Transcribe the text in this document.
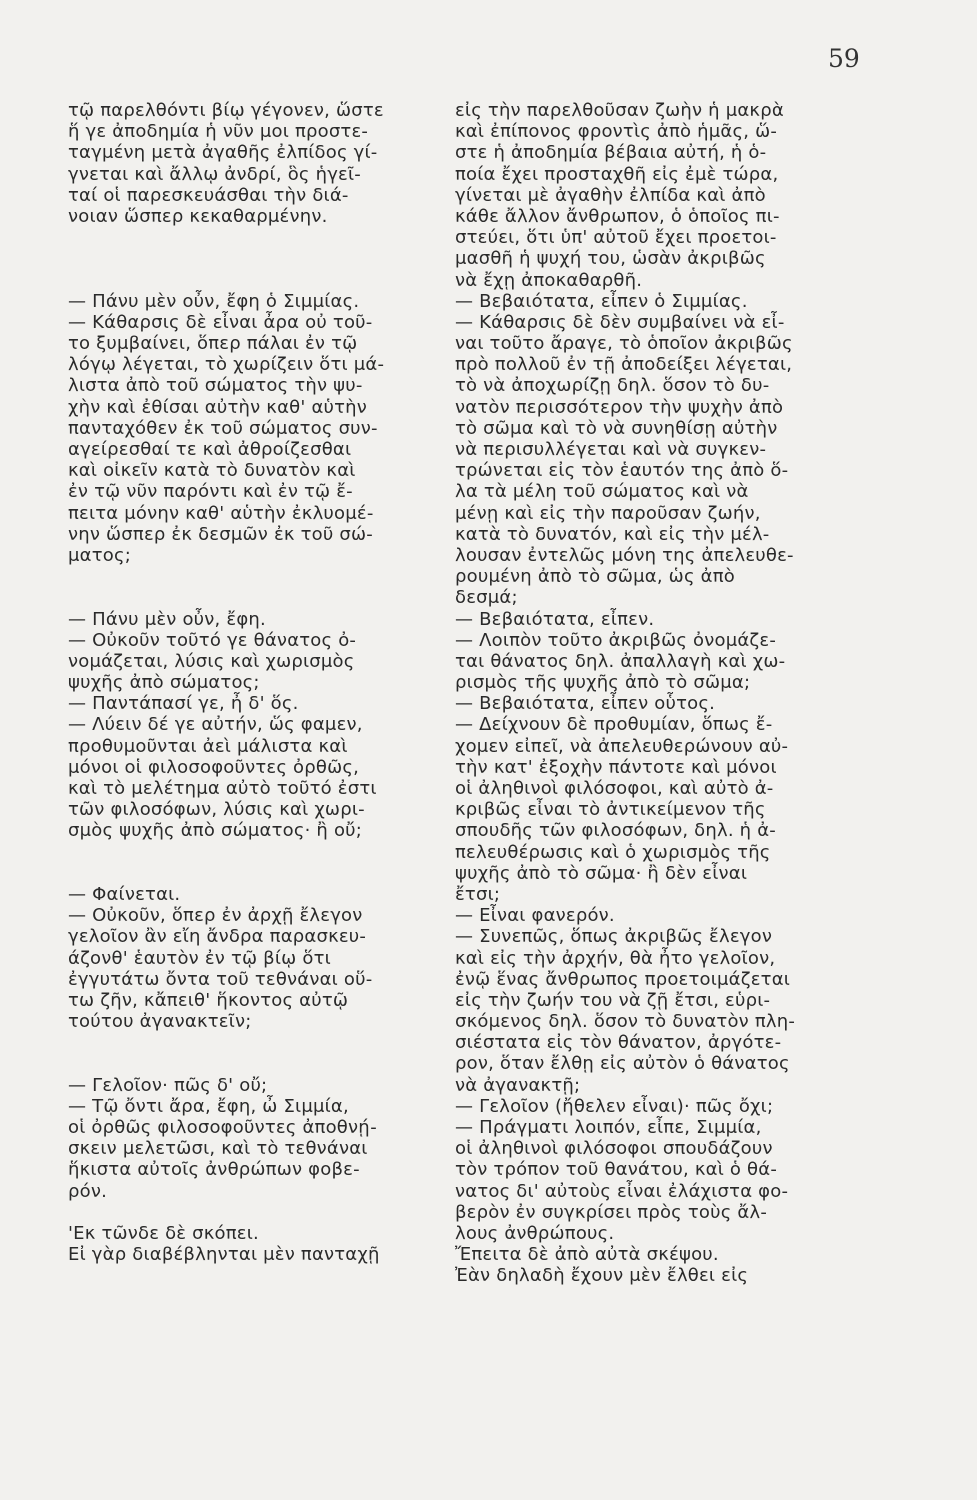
59
τῷ παρελθόντι βίῳ γέγονεν, ὥστε
ἥ γε ἀποδημία ἡ νῦν μοι προστε-
ταγμένη μετὰ ἀγαθῆς ἐλπίδος γί-
γνεται καὶ ἄλλῳ ἀνδρί, ὃς ἡγεῖ-
ταί οἱ παρεσκευάσθαι τὴν διά-
νοιαν ὥσπερ κεκαθαρμένην.
— Πάνυ μὲν οὖν, ἔφη ὁ Σιμμίας.
— Κάθαρσις δὲ εἶναι ἆρα οὐ τοῦ-
το ξυμβαίνει, ὅπερ πάλαι ἐν τῷ
λόγῳ λέγεται, τὸ χωρίζειν ὅτι μά-
λιστα ἀπὸ τοῦ σώματος τὴν ψυ-
χὴν καὶ ἐθίσαι αὐτὴν καθ' αὑτὴν
πανταχόθεν ἐκ τοῦ σώματος συν-
αγείρεσθαί τε καὶ ἀθροίζεσθαι
καὶ οἰκεῖν κατὰ τὸ δυνατὸν καὶ
ἐν τῷ νῦν παρόντι καὶ ἐν τῷ ἔ-
πειτα μόνην καθ' αὑτὴν ἐκλυομέ-
νην ὥσπερ ἐκ δεσμῶν ἐκ τοῦ σώ-
ματος;
— Πάνυ μὲν οὖν, ἔφη.
— Οὐκοῦν τοῦτό γε θάνατος ὀ-
νομάζεται, λύσις καὶ χωρισμὸς
ψυχῆς ἀπὸ σώματος;
— Παντάπασί γε, ἦ δ' ὅς.
— Λύειν δέ γε αὐτήν, ὥς φαμεν,
προθυμοῦνται ἀεὶ μάλιστα καὶ
μόνοι οἱ φιλοσοφοῦντες ὀρθῶς,
καὶ τὸ μελέτημα αὐτὸ τοῦτό ἐστι
τῶν φιλοσόφων, λύσις καὶ χωρι-
σμὸς ψυχῆς ἀπὸ σώματος· ἢ οὔ;
— Φαίνεται.
— Οὐκοῦν, ὅπερ ἐν ἀρχῇ ἔλεγον
γελοῖον ἂν εἴη ἄνδρα παρασκευ-
άζονθ' ἑαυτὸν ἐν τῷ βίῳ ὅτι
ἐγγυτάτω ὄντα τοῦ τεθνάναι οὕ-
τω ζῆν, κἄπειθ' ἥκοντος αὐτῷ
τούτου ἀγανακτεῖν;
— Γελοῖον· πῶς δ' οὔ;
— Τῷ ὄντι ἄρα, ἔφη, ὦ Σιμμία,
οἱ ὀρθῶς φιλοσοφοῦντες ἀποθνῄ-
σκειν μελετῶσι, καὶ τὸ τεθνάναι
ἥκιστα αὐτοῖς ἀνθρώπων φοβε-
ρόν.
'Εκ τῶνδε δὲ σκόπει.
Εἰ γὰρ διαβέβληνται μὲν πανταχῇ
εἰς τὴν παρελθοῦσαν ζωὴν ἡ μακρὰ
καὶ ἐπίπονος φροντὶς ἀπὸ ἡμᾶς, ὥ-
στε ἡ ἀποδημία βέβαια αὐτή, ἡ ὁ-
ποία ἔχει προσταχθῆ εἰς ἐμὲ τώρα,
γίνεται μὲ ἀγαθὴν ἐλπίδα καὶ ἀπὸ
κάθε ἄλλον ἄνθρωπον, ὁ ὁποῖος πι-
στεύει, ὅτι ὑπ' αὐτοῦ ἔχει προετοι-
μασθῆ ἡ ψυχή του, ὡσὰν ἀκριβῶς
νὰ ἔχῃ ἀποκαθαρθῆ.
— Βεβαιότατα, εἶπεν ὁ Σιμμίας.
— Κάθαρσις δὲ δὲν συμβαίνει νὰ εἶ-
ναι τοῦτο ἄραγε, τὸ ὁποῖον ἀκριβῶς
πρὸ πολλοῦ ἐν τῇ ἀποδείξει λέγεται,
τὸ νὰ ἀποχωρίζῃ δηλ. ὅσον τὸ δυ-
νατὸν περισσότερον τὴν ψυχὴν ἀπὸ
τὸ σῶμα καὶ τὸ νὰ συνηθίσῃ αὐτὴν
νὰ περισυλλέγεται καὶ νὰ συγκεν-
τρώνεται εἰς τὸν ἑαυτόν της ἀπὸ ὅ-
λα τὰ μέλη τοῦ σώματος καὶ νὰ
μένῃ καὶ εἰς τὴν παροῦσαν ζωήν,
κατὰ τὸ δυνατόν, καὶ εἰς τὴν μέλ-
λουσαν ἐντελῶς μόνη της ἀπελευθε-
ρουμένη ἀπὸ τὸ σῶμα, ὡς ἀπὸ
δεσμά;
— Βεβαιότατα, εἶπεν.
— Λοιπὸν τοῦτο ἀκριβῶς ὀνομάζε-
ται θάνατος δηλ. ἀπαλλαγὴ καὶ χω-
ρισμὸς τῆς ψυχῆς ἀπὸ τὸ σῶμα;
— Βεβαιότατα, εἶπεν οὗτος.
— Δείχνουν δὲ προθυμίαν, ὅπως ἔ-
χομεν εἰπεῖ, νὰ ἀπελευθερώνουν αὐ-
τὴν κατ' ἐξοχὴν πάντοτε καὶ μόνοι
οἱ ἀληθινοὶ φιλόσοφοι, καὶ αὐτὸ ἀ-
κριβῶς εἶναι τὸ ἀντικείμενον τῆς
σπουδῆς τῶν φιλοσόφων, δηλ. ἡ ἀ-
πελευθέρωσις καὶ ὁ χωρισμὸς τῆς
ψυχῆς ἀπὸ τὸ σῶμα· ἢ δὲν εἶναι
ἔτσι;
— Εἶναι φανερόν.
— Συνεπῶς, ὅπως ἀκριβῶς ἔλεγον
καὶ εἰς τὴν ἀρχήν, θὰ ἦτο γελοῖον,
ἐνῷ ἕνας ἄνθρωπος προετοιμάζεται
εἰς τὴν ζωήν του νὰ ζῇ ἔτσι, εὑρι-
σκόμενος δηλ. ὅσον τὸ δυνατὸν πλη-
σιέστατα εἰς τὸν θάνατον, ἀργότε-
ρον, ὅταν ἔλθῃ εἰς αὐτὸν ὁ θάνατος
νὰ ἀγανακτῇ;
— Γελοῖον (ἤθελεν εἶναι)· πῶς ὄχι;
— Πράγματι λοιπόν, εἶπε, Σιμμία,
οἱ ἀληθινοὶ φιλόσοφοι σπουδάζουν
τὸν τρόπον τοῦ θανάτου, καὶ ὁ θά-
νατος δι' αὐτοὺς εἶναι ἐλάχιστα φο-
βερὸν ἐν συγκρίσει πρὸς τοὺς ἄλ-
λους ἀνθρώπους.
Ἔπειτα δὲ ἀπὸ αὐτὰ σκέψου.
Ἐὰν δηλαδὴ ἔχουν μὲν ἔλθει εἰς
